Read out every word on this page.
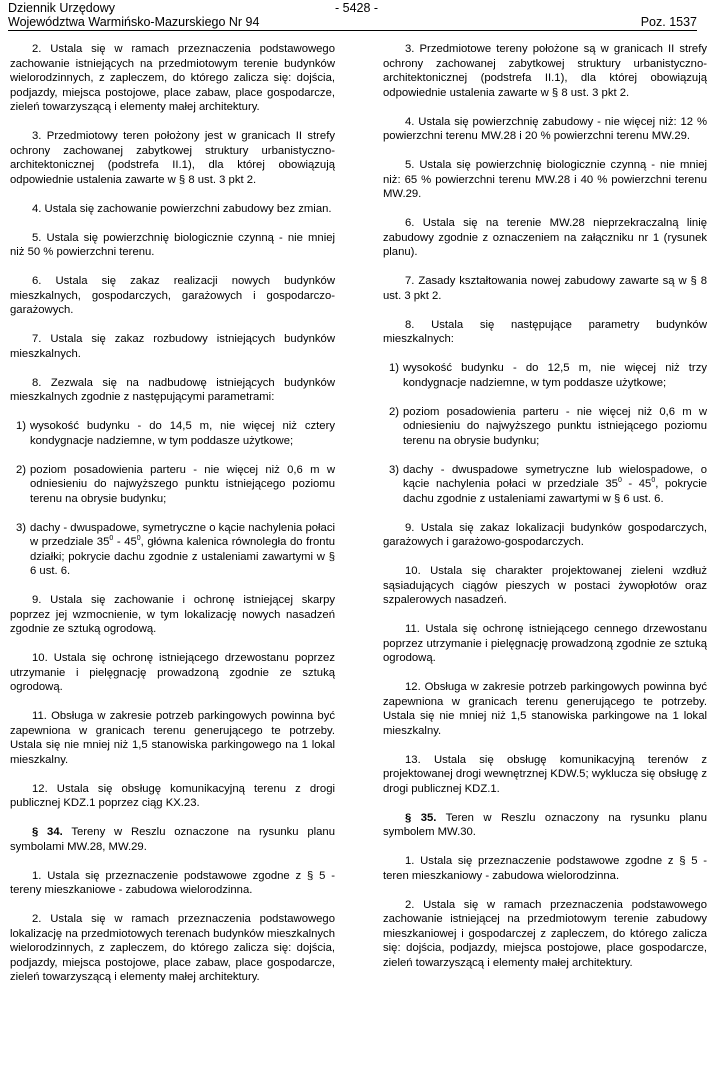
Dziennik Urzędowy
Województwa Warmińsko-Mazurskiego Nr 94
- 5428 -
Poz. 1537

2. Ustala się w ramach przeznaczenia podstawowego zachowanie istniejących na przedmiotowym terenie budynków wielorodzinnych, z zapleczem, do którego zalicza się: dojścia, podjazdy, miejsca postojowe, place zabaw, place gospodarcze, zieleń towarzyszącą i elementy małej architektury.

3. Przedmiotowy teren położony jest w granicach II strefy ochrony zachowanej zabytkowej struktury urbanistyczno-architektonicznej (podstrefa II.1), dla której obowiązują odpowiednie ustalenia zawarte w § 8 ust. 3 pkt 2.

4. Ustala się zachowanie powierzchni zabudowy bez zmian.

5. Ustala się powierzchnię biologicznie czynną - nie mniej niż 50 % powierzchni terenu.

6. Ustala się zakaz realizacji nowych budynków mieszkalnych, gospodarczych, garażowych i gospodarczo-garażowych.

7. Ustala się zakaz rozbudowy istniejących budynków mieszkalnych.

8. Zezwala się na nadbudowę istniejących budynków mieszkalnych zgodnie z następującymi parametrami:

1) wysokość budynku - do 14,5 m, nie więcej niż cztery kondygnacje nadziemne, w tym poddasze użytkowe;
2) poziom posadowienia parteru - nie więcej niż 0,6 m w odniesieniu do najwyższego punktu istniejącego poziomu terenu na obrysie budynku;
3) dachy - dwuspadowe, symetryczne o kącie nachylenia połaci w przedziale $35^0 - 45^0$, główna kalenica równoległa do frontu działki; pokrycie dachu zgodnie z ustaleniami zawartymi w § 6 ust. 6.

9. Ustala się zachowanie i ochronę istniejącej skarpy poprzez jej wzmocnienie, w tym lokalizację nowych nasadzeń zgodnie ze sztuką ogrodową.

10. Ustala się ochronę istniejącego drzewostanu poprzez utrzymanie i pielęgnację prowadzoną zgodnie ze sztuką ogrodową.

11. Obsługa w zakresie potrzeb parkingowych powinna być zapewniona w granicach terenu generującego te potrzeby. Ustala się nie mniej niż 1,5 stanowiska parkingowego na 1 lokal mieszkalny.

12. Ustala się obsługę komunikacyjną terenu z drogi publicznej KDZ.1 poprzez ciąg KX.23.

§ 34. Tereny w Reszlu oznaczone na rysunku planu symbolami MW.28, MW.29.

1. Ustala się przeznaczenie podstawowe zgodne z § 5 - tereny mieszkaniowe - zabudowa wielorodzinna.

2. Ustala się w ramach przeznaczenia podstawowego lokalizację na przedmiotowych terenach budynków mieszkalnych wielorodzinnych, z zapleczem, do którego zalicza się: dojścia, podjazdy, miejsca postojowe, place zabaw, place gospodarcze, zieleń towarzyszącą i elementy małej architektury.

3. Przedmiotowe tereny położone są w granicach II strefy ochrony zachowanej zabytkowej struktury urbanistyczno-architektonicznej (podstrefa II.1), dla której obowiązują odpowiednie ustalenia zawarte w § 8 ust. 3 pkt 2.

4. Ustala się powierzchnię zabudowy - nie więcej niż: 12 % powierzchni terenu MW.28 i 20 % powierzchni terenu MW.29.

5. Ustala się powierzchnię biologicznie czynną - nie mniej niż: 65 % powierzchni terenu MW.28 i 40 % powierzchni terenu MW.29.

6. Ustala się na terenie MW.28 nieprzekraczalną linię zabudowy zgodnie z oznaczeniem na załączniku nr 1 (rysunek planu).

7. Zasady kształtowania nowej zabudowy zawarte są w § 8 ust. 3 pkt 2.

8. Ustala się następujące parametry budynków mieszkalnych:

1) wysokość budynku - do 12,5 m, nie więcej niż trzy kondygnacje nadziemne, w tym poddasze użytkowe;
2) poziom posadowienia parteru - nie więcej niż 0,6 m w odniesieniu do najwyższego punktu istniejącego poziomu terenu na obrysie budynku;
3) dachy - dwuspadowe symetryczne lub wielospadowe, o kącie nachylenia połaci w przedziale $35^0 - 45^0$, pokrycie dachu zgodnie z ustaleniami zawartymi w § 6 ust. 6.

9. Ustala się zakaz lokalizacji budynków gospodarczych, garażowych i garażowo-gospodarczych.

10. Ustala się charakter projektowanej zieleni wzdłuż sąsiadujących ciągów pieszych w postaci żywopłotów oraz szpalerowych nasadzeń.

11. Ustala się ochronę istniejącego cennego drzewostanu poprzez utrzymanie i pielęgnację prowadzoną zgodnie ze sztuką ogrodową.

12. Obsługa w zakresie potrzeb parkingowych powinna być zapewniona w granicach terenu generującego te potrzeby. Ustala się nie mniej niż 1,5 stanowiska parkingowe na 1 lokal mieszkalny.

13. Ustala się obsługę komunikacyjną terenów z projektowanej drogi wewnętrznej KDW.5; wyklucza się obsługę z drogi publicznej KDZ.1.

§ 35. Teren w Reszlu oznaczony na rysunku planu symbolem MW.30.

1. Ustala się przeznaczenie podstawowe zgodne z § 5 - teren mieszkaniowy - zabudowa wielorodzinna.

2. Ustala się w ramach przeznaczenia podstawowego zachowanie istniejącej na przedmiotowym terenie zabudowy mieszkaniowej i gospodarczej z zapleczem, do którego zalicza się: dojścia, podjazdy, miejsca postojowe, place gospodarcze, zieleń towarzyszącą i elementy małej architektury.
